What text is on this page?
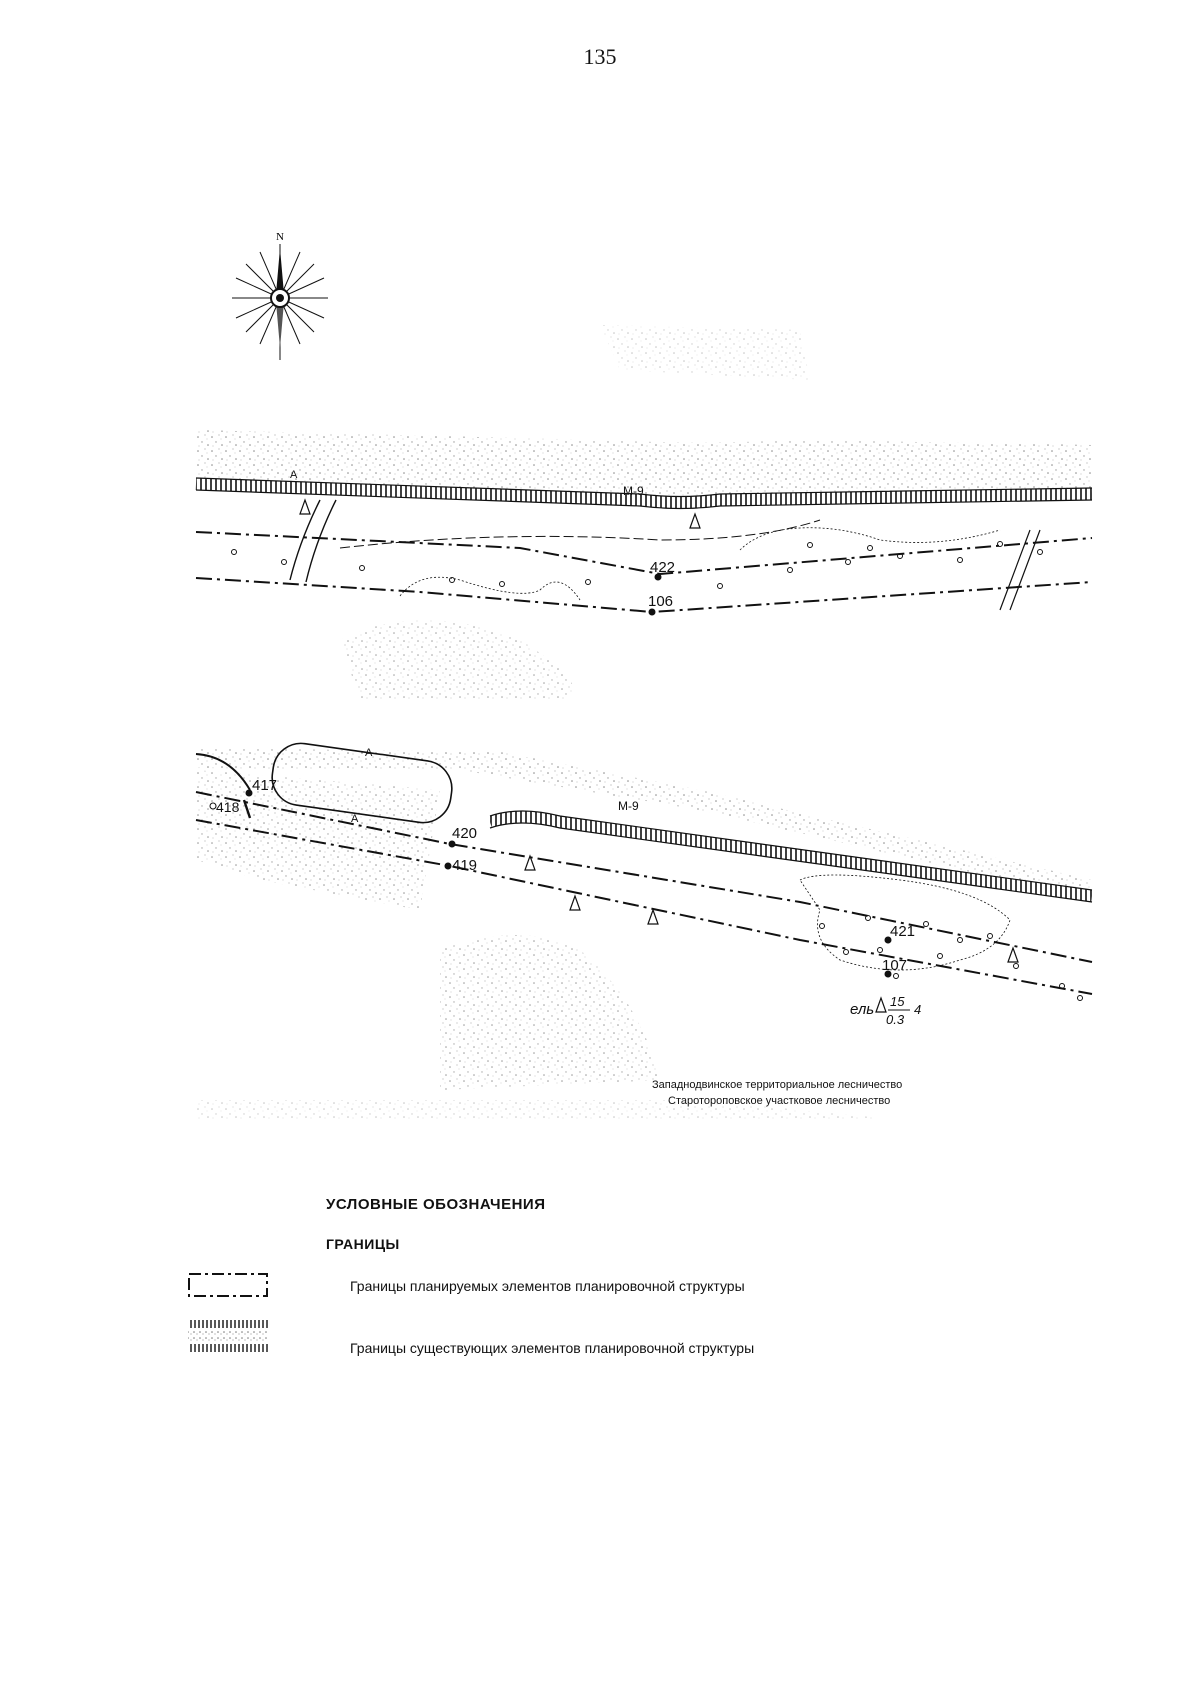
135
N
422
106
M-9
A
417
418
420
419
421
107
M-9
A
A
ель 15
0.3
4
Западнодвинское территориальное лесничество
Старотороповское участковое лесничество
УСЛОВНЫЕ ОБОЗНАЧЕНИЯ
ГРАНИЦЫ
Границы планируемых элементов планировочной структуры
Границы существующих элементов планировочной структуры
